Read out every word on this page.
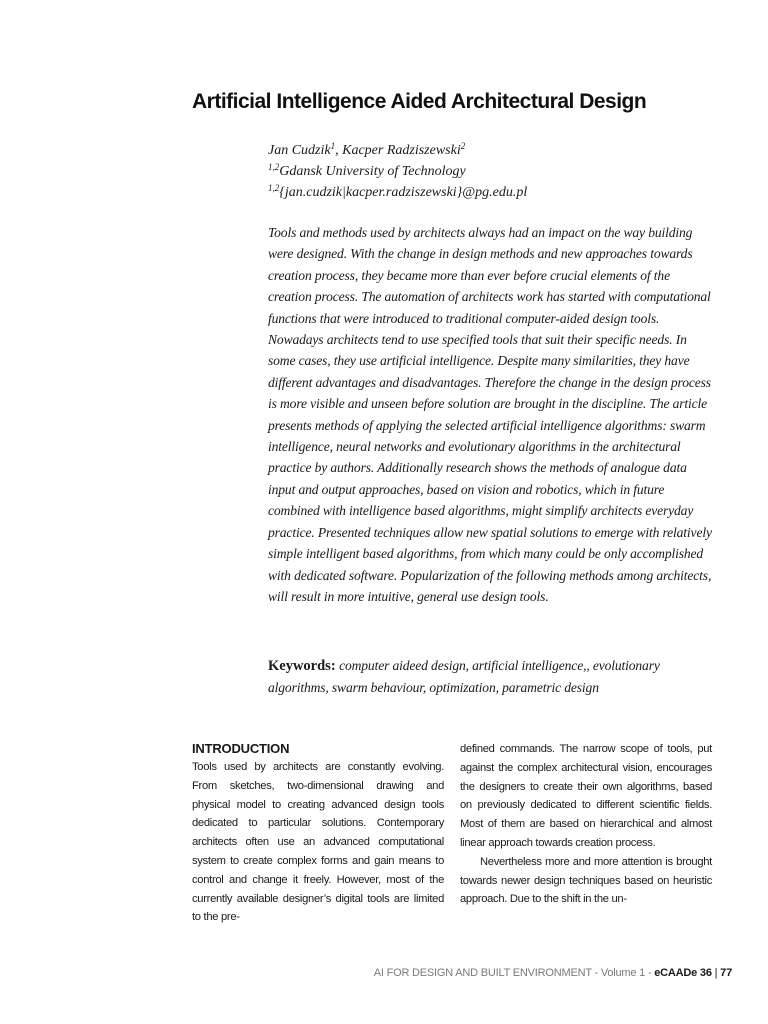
Artificial Intelligence Aided Architectural Design
Jan Cudzik$^1$, Kacper Radziszewski$^2$
$^{1,2}$Gdansk University of Technology
$^{1,2}${jan.cudzik|kacper.radziszewski}@pg.edu.pl

Tools and methods used by architects always had an impact on the way building were designed. With the change in design methods and new approaches towards creation process, they became more than ever before crucial elements of the creation process. The automation of architects work has started with computational functions that were introduced to traditional computer-aided design tools. Nowadays architects tend to use specified tools that suit their specific needs. In some cases, they use artificial intelligence. Despite many similarities, they have different advantages and disadvantages. Therefore the change in the design process is more visible and unseen before solution are brought in the discipline. The article presents methods of applying the selected artificial intelligence algorithms: swarm intelligence, neural networks and evolutionary algorithms in the architectural practice by authors. Additionally research shows the methods of analogue data input and output approaches, based on vision and robotics, which in future combined with intelligence based algorithms, might simplify architects everyday practice. Presented techniques allow new spatial solutions to emerge with relatively simple intelligent based algorithms, from which many could be only accomplished with dedicated software. Popularization of the following methods among architects, will result in more intuitive, general use design tools.

Keywords: computer aideed design, artificial intelligence,, evolutionary algorithms, swarm behaviour, optimization, parametric design

INTRODUCTION

Tools used by architects are constantly evolving. From sketches, two-dimensional drawing and physical model to creating advanced design tools dedicated to particular solutions. Contemporary architects often use an advanced computational system to create complex forms and gain means to control and change it freely. However, most of the currently available designer’s digital tools are limited to the pre-

defined commands. The narrow scope of tools, put against the complex architectural vision, encourages the designers to create their own algorithms, based on previously dedicated to different scientific fields. Most of them are based on hierarchical and almost linear approach towards creation process.

Nevertheless more and more attention is brought towards newer design techniques based on heuristic approach. Due to the shift in the un-

AI FOR DESIGN AND BUILT ENVIRONMENT - Volume 1 - eCAADe 36 | 77
